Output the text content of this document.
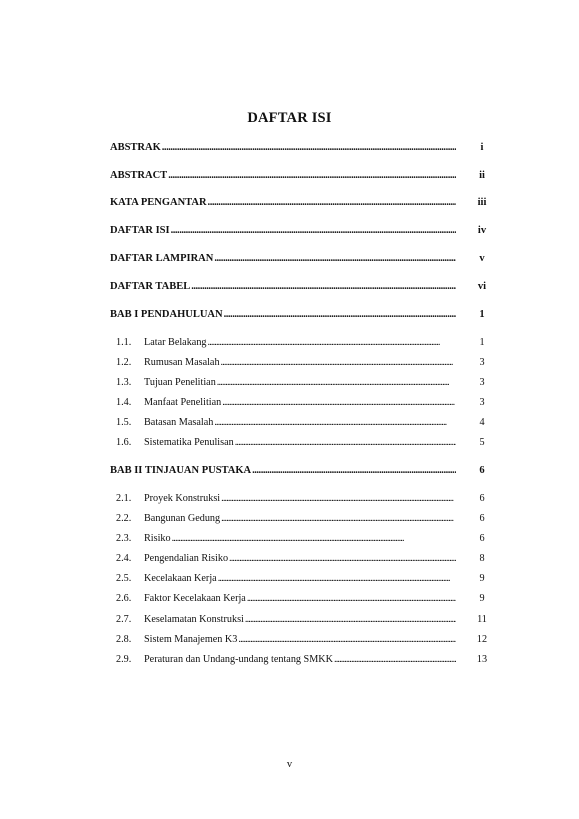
DAFTAR ISI
ABSTRAK . . .	i
ABSTRACT . . .	ii
KATA PENGANTAR . . .	iii
DAFTAR ISI . . .	iv
DAFTAR LAMPIRAN . . .	v
DAFTAR TABEL . . .	vi
BAB I PENDAHULUAN . . .	1
1.1.	Latar Belakang . . .	1
1.2.	Rumusan Masalah . . .	3
1.3.	Tujuan Penelitian . . .	3
1.4.	Manfaat Penelitian . . .	3
1.5.	Batasan Masalah . . .	4
1.6.	Sistematika Penulisan . . .	5
BAB II TINJAUAN PUSTAKA . . .	6
2.1.	Proyek Konstruksi . . .	6
2.2.	Bangunan Gedung . . .	6
2.3.	Risiko . . .	6
2.4.	Pengendalian Risiko . . .	8
2.5.	Kecelakaan Kerja . . .	9
2.6.	Faktor Kecelakaan Kerja . . .	9
2.7.	Keselamatan Konstruksi . . .	11
2.8.	Sistem Manajemen K3 . . .	12
2.9.	Peraturan dan Undang-undang tentang SMKK . . .	13
v
